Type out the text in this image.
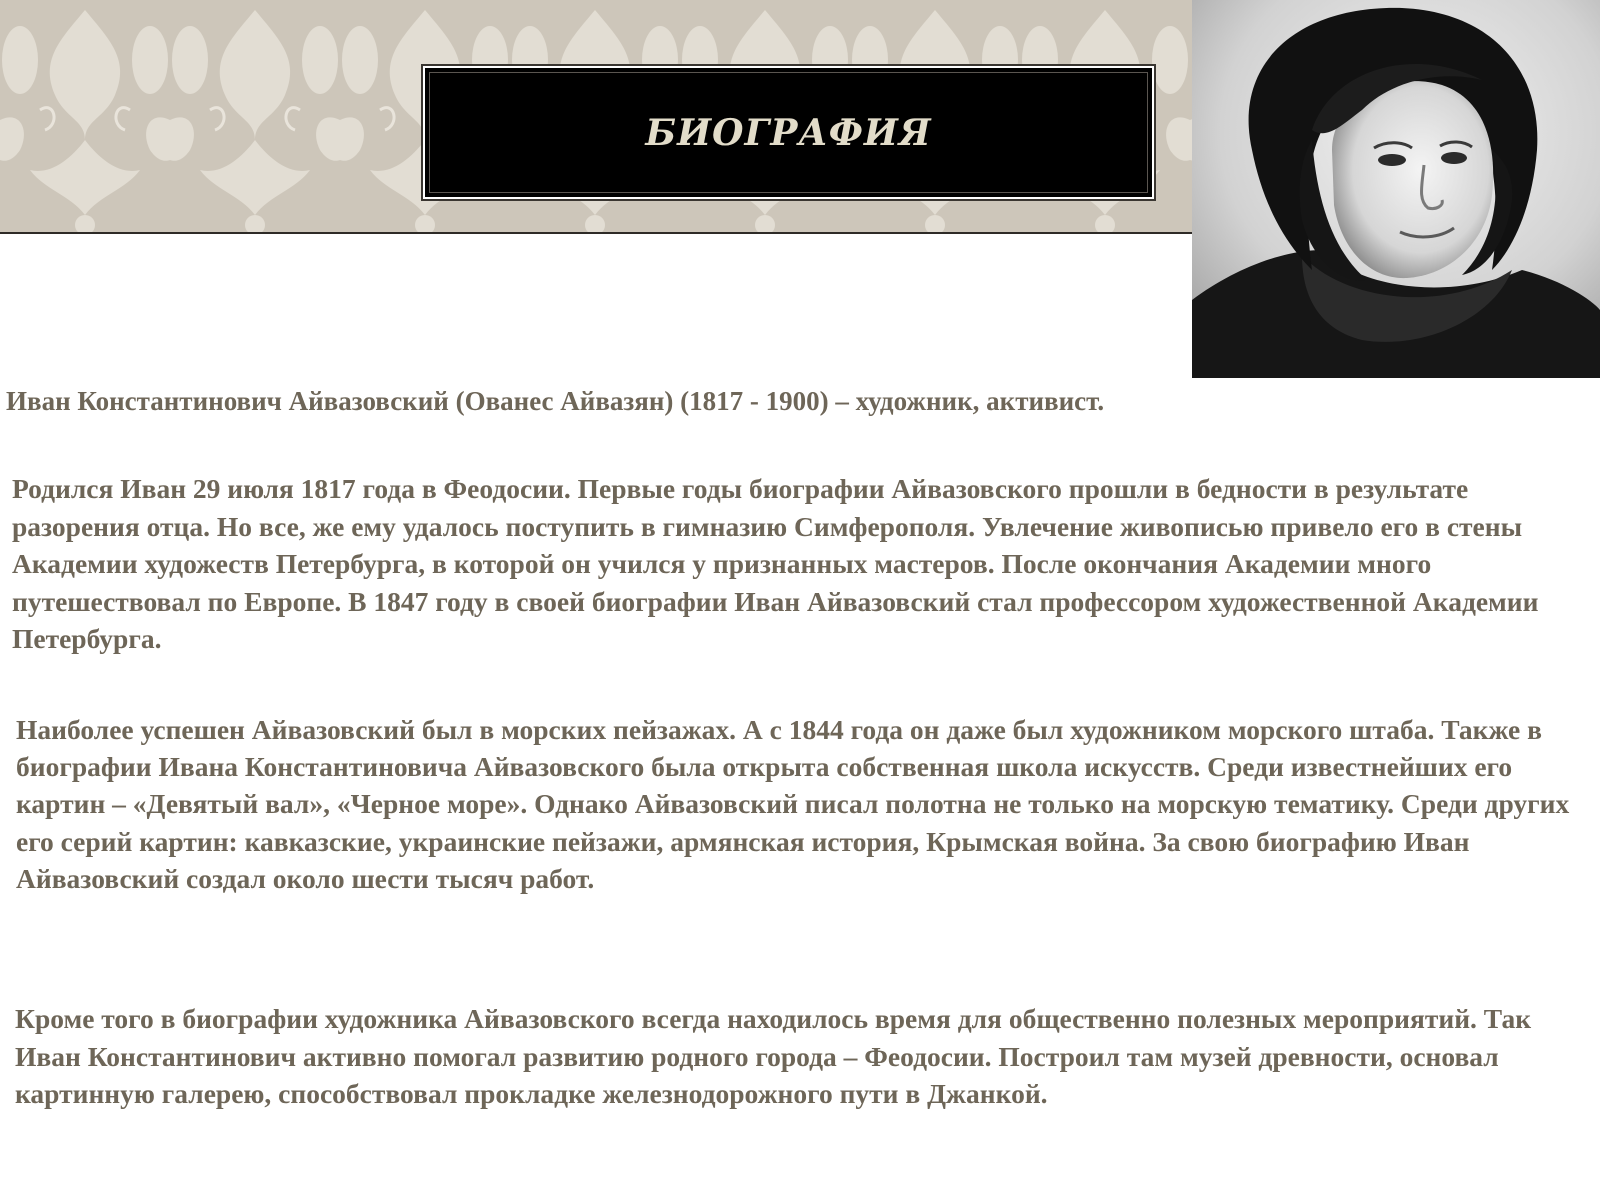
БИОГРАФИЯ

Иван Константинович Айвазовский (Ованес Айвазян) (1817 - 1900) – художник, активист.

Родился Иван 29 июля 1817 года в Феодосии. Первые годы биографии Айвазовского прошли в бедности в результате разорения отца. Но все, же ему удалось поступить в гимназию Симферополя. Увлечение живописью привело его в стены Академии художеств Петербурга, в которой он учился у признанных мастеров. После окончания Академии много путешествовал по Европе. В 1847 году в своей биографии Иван Айвазовский стал профессором художественной Академии Петербурга.

Наиболее успешен Айвазовский был в морских пейзажах. А с 1844 года он даже был художником морского штаба. Также в биографии Ивана Константиновича Айвазовского была открыта собственная школа искусств. Среди известнейших его картин – «Девятый вал», «Черное море». Однако Айвазовский писал полотна не только на морскую тематику. Среди других его серий картин: кавказские, украинские пейзажи, армянская история, Крымская война. За свою биографию Иван Айвазовский создал около шести тысяч работ.

Кроме того в биографии художника Айвазовского всегда находилось время для общественно полезных мероприятий. Так Иван Константинович активно помогал развитию родного города – Феодосии. Построил там музей древности, основал картинную галерею, способствовал прокладке железнодорожного пути в Джанкой.
